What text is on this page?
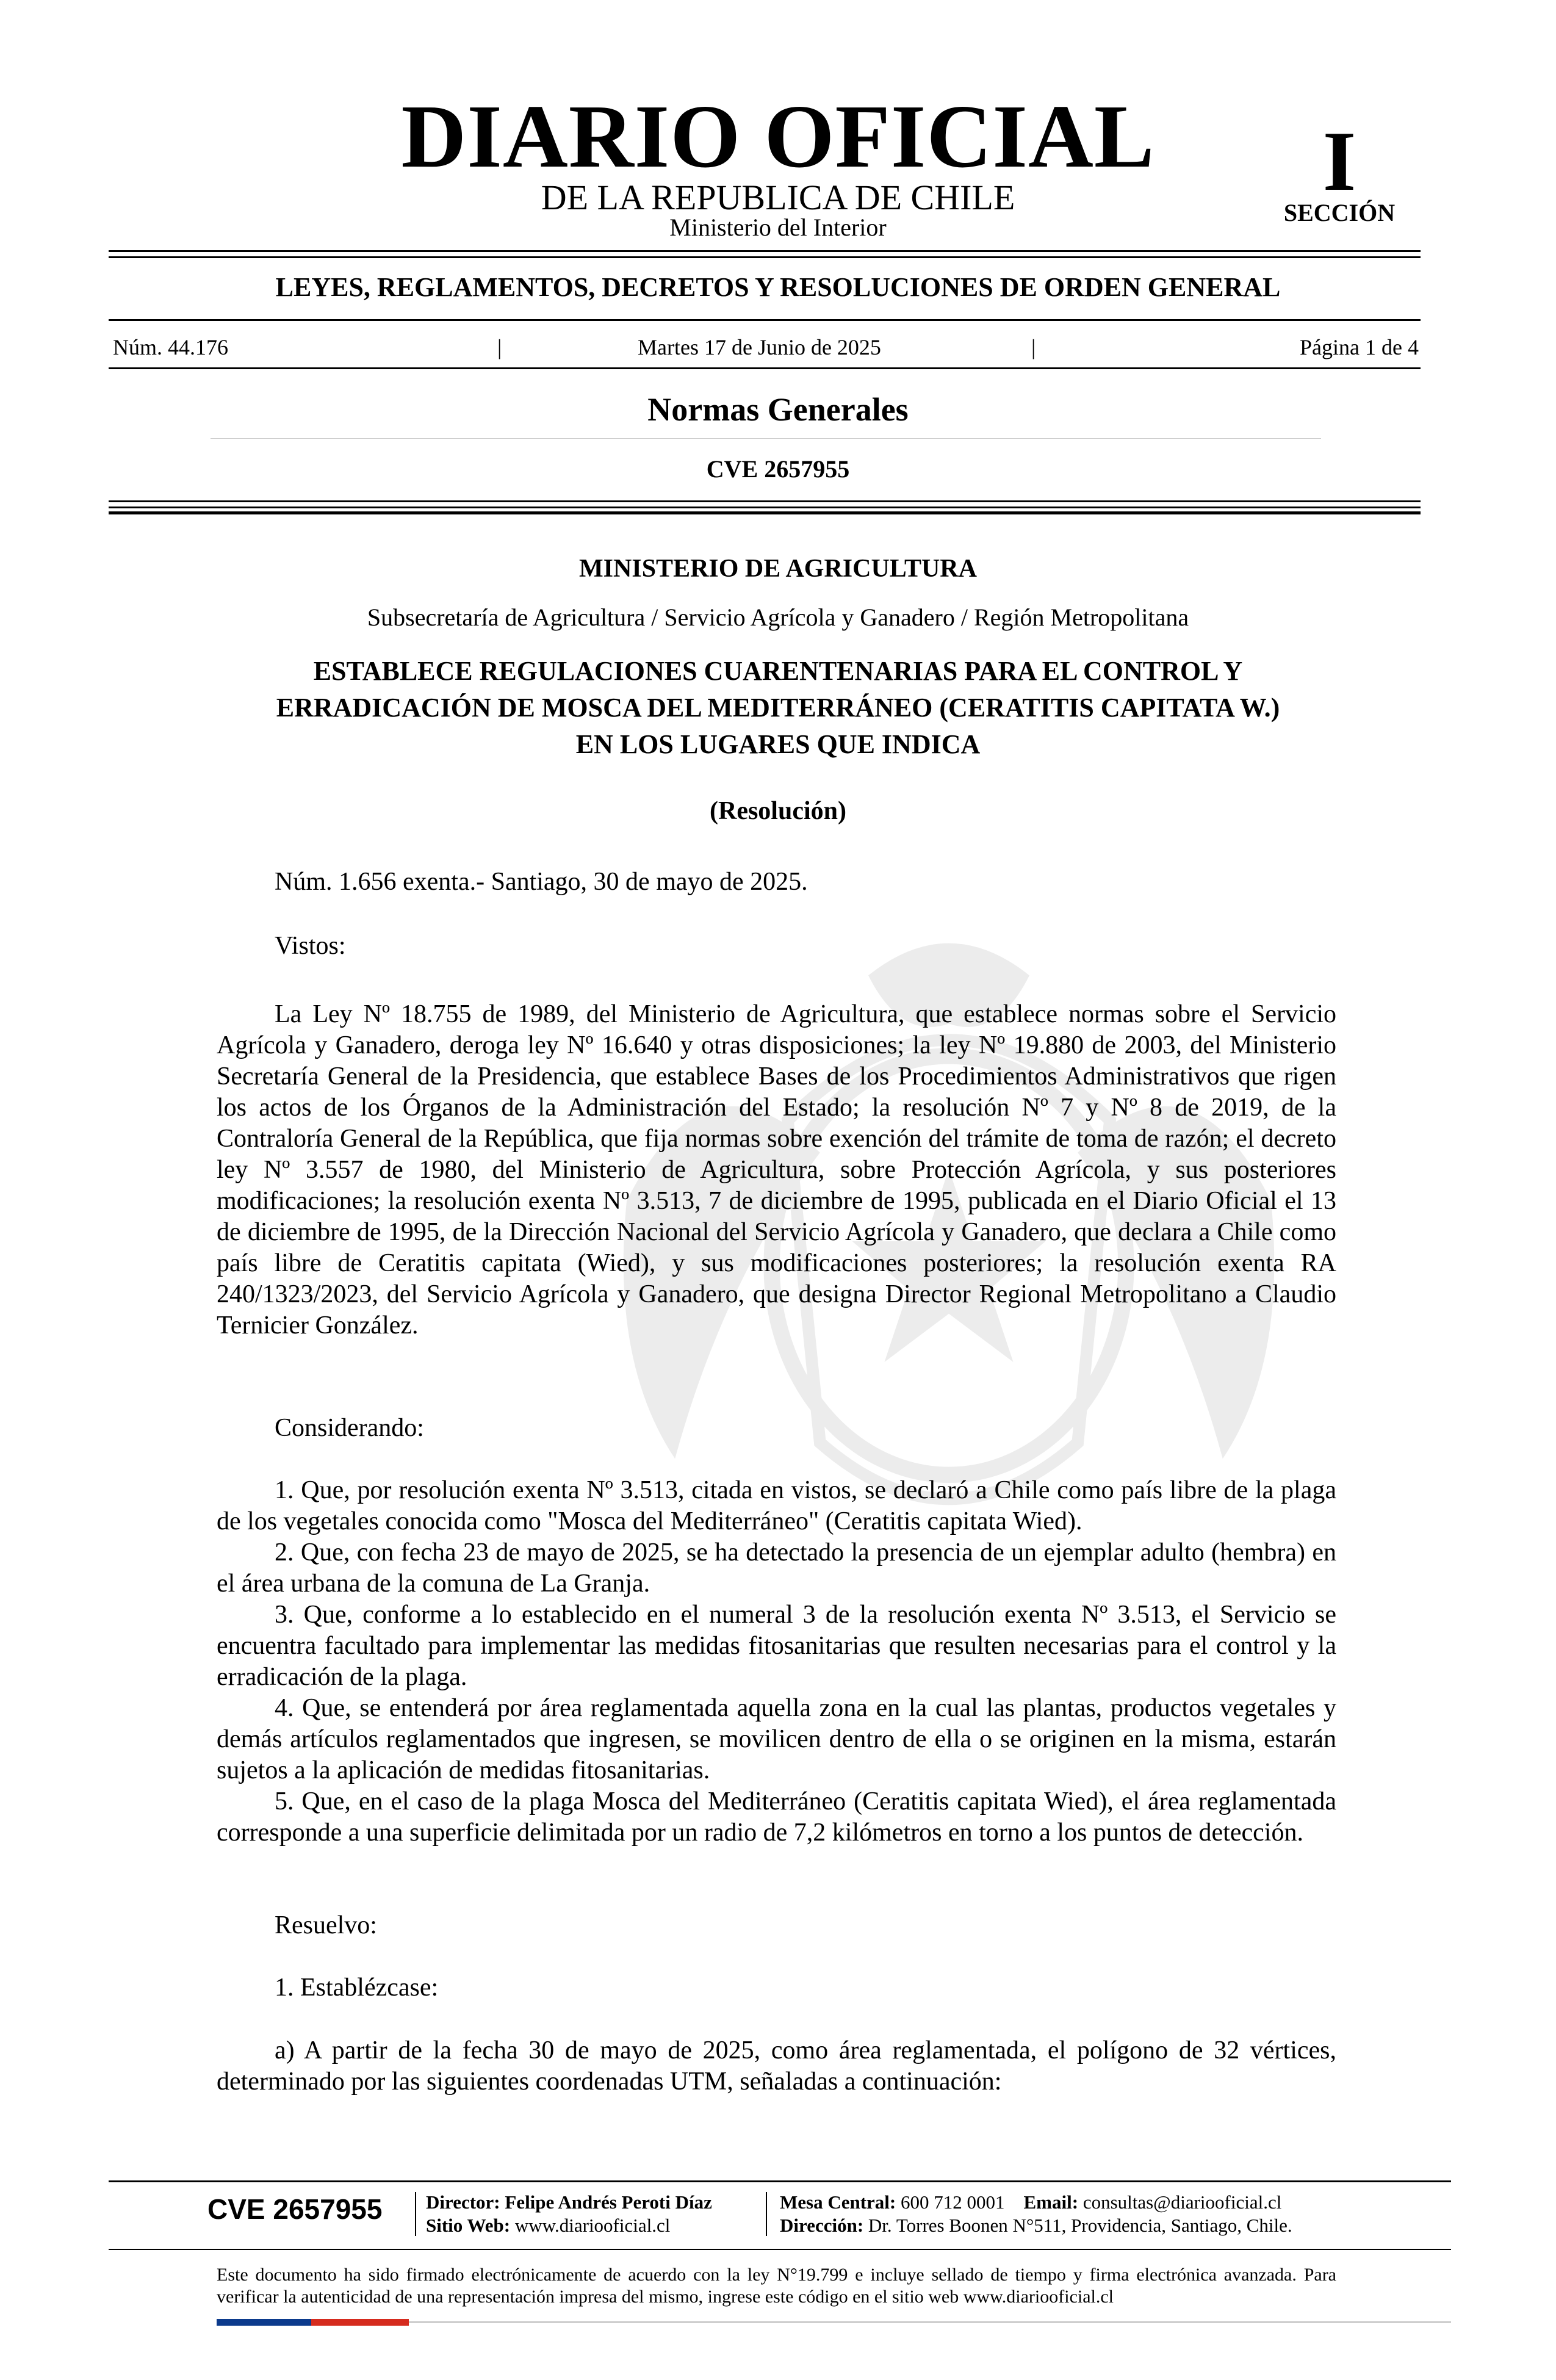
DIARIO OFICIAL
DE LA REPUBLICA DE CHILE
Ministerio del Interior
I
SECCIÓN
LEYES, REGLAMENTOS, DECRETOS Y RESOLUCIONES DE ORDEN GENERAL
Núm. 44.176	|	Martes 17 de Junio de 2025	|	Página 1 de 4
Normas Generales
CVE 2657955
MINISTERIO DE AGRICULTURA
Subsecretaría de Agricultura / Servicio Agrícola y Ganadero / Región Metropolitana
ESTABLECE REGULACIONES CUARENTENARIAS PARA EL CONTROL Y
ERRADICACIÓN DE MOSCA DEL MEDITERRÁNEO (CERATITIS CAPITATA W.)
EN LOS LUGARES QUE INDICA
(Resolución)
Núm. 1.656 exenta.- Santiago, 30 de mayo de 2025.
Vistos:

La Ley Nº 18.755 de 1989, del Ministerio de Agricultura, que establece normas sobre el Servicio Agrícola y Ganadero, deroga ley Nº 16.640 y otras disposiciones; la ley Nº 19.880 de 2003, del Ministerio Secretaría General de la Presidencia, que establece Bases de los Procedimientos Administrativos que rigen los actos de los Órganos de la Administración del Estado; la resolución Nº 7 y Nº 8 de 2019, de la Contraloría General de la República, que fija normas sobre exención del trámite de toma de razón; el decreto ley Nº 3.557 de 1980, del Ministerio de Agricultura, sobre Protección Agrícola, y sus posteriores modificaciones; la resolución exenta Nº 3.513, 7 de diciembre de 1995, publicada en el Diario Oficial el 13 de diciembre de 1995, de la Dirección Nacional del Servicio Agrícola y Ganadero, que declara a Chile como país libre de Ceratitis capitata (Wied), y sus modificaciones posteriores; la resolución exenta RA 240/1323/2023, del Servicio Agrícola y Ganadero, que designa Director Regional Metropolitano a Claudio Ternicier González.

Considerando:

1. Que, por resolución exenta Nº 3.513, citada en vistos, se declaró a Chile como país libre de la plaga de los vegetales conocida como "Mosca del Mediterráneo" (Ceratitis capitata Wied).

2. Que, con fecha 23 de mayo de 2025, se ha detectado la presencia de un ejemplar adulto (hembra) en el área urbana de la comuna de La Granja.

3. Que, conforme a lo establecido en el numeral 3 de la resolución exenta Nº 3.513, el Servicio se encuentra facultado para implementar las medidas fitosanitarias que resulten necesarias para el control y la erradicación de la plaga.

4. Que, se entenderá por área reglamentada aquella zona en la cual las plantas, productos vegetales y demás artículos reglamentados que ingresen, se movilicen dentro de ella o se originen en la misma, estarán sujetos a la aplicación de medidas fitosanitarias.

5. Que, en el caso de la plaga Mosca del Mediterráneo (Ceratitis capitata Wied), el área reglamentada corresponde a una superficie delimitada por un radio de 7,2 kilómetros en torno a los puntos de detección.

Resuelvo:
1. Establézcase:

a) A partir de la fecha 30 de mayo de 2025, como área reglamentada, el polígono de 32 vértices, determinado por las siguientes coordenadas UTM, señaladas a continuación:

CVE 2657955 Director: Felipe Andrés Peroti Díaz
Sitio Web: www.diariooficial.cl
Mesa Central: 600 712 0001 Email: consultas@diariooficial.cl
Dirección: Dr. Torres Boonen N°511, Providencia, Santiago, Chile.
Este documento ha sido firmado electrónicamente de acuerdo con la ley N°19.799 e incluye sellado de tiempo y firma electrónica avanzada. Para verificar la autenticidad de una representación impresa del mismo, ingrese este código en el sitio web www.diariooficial.cl
